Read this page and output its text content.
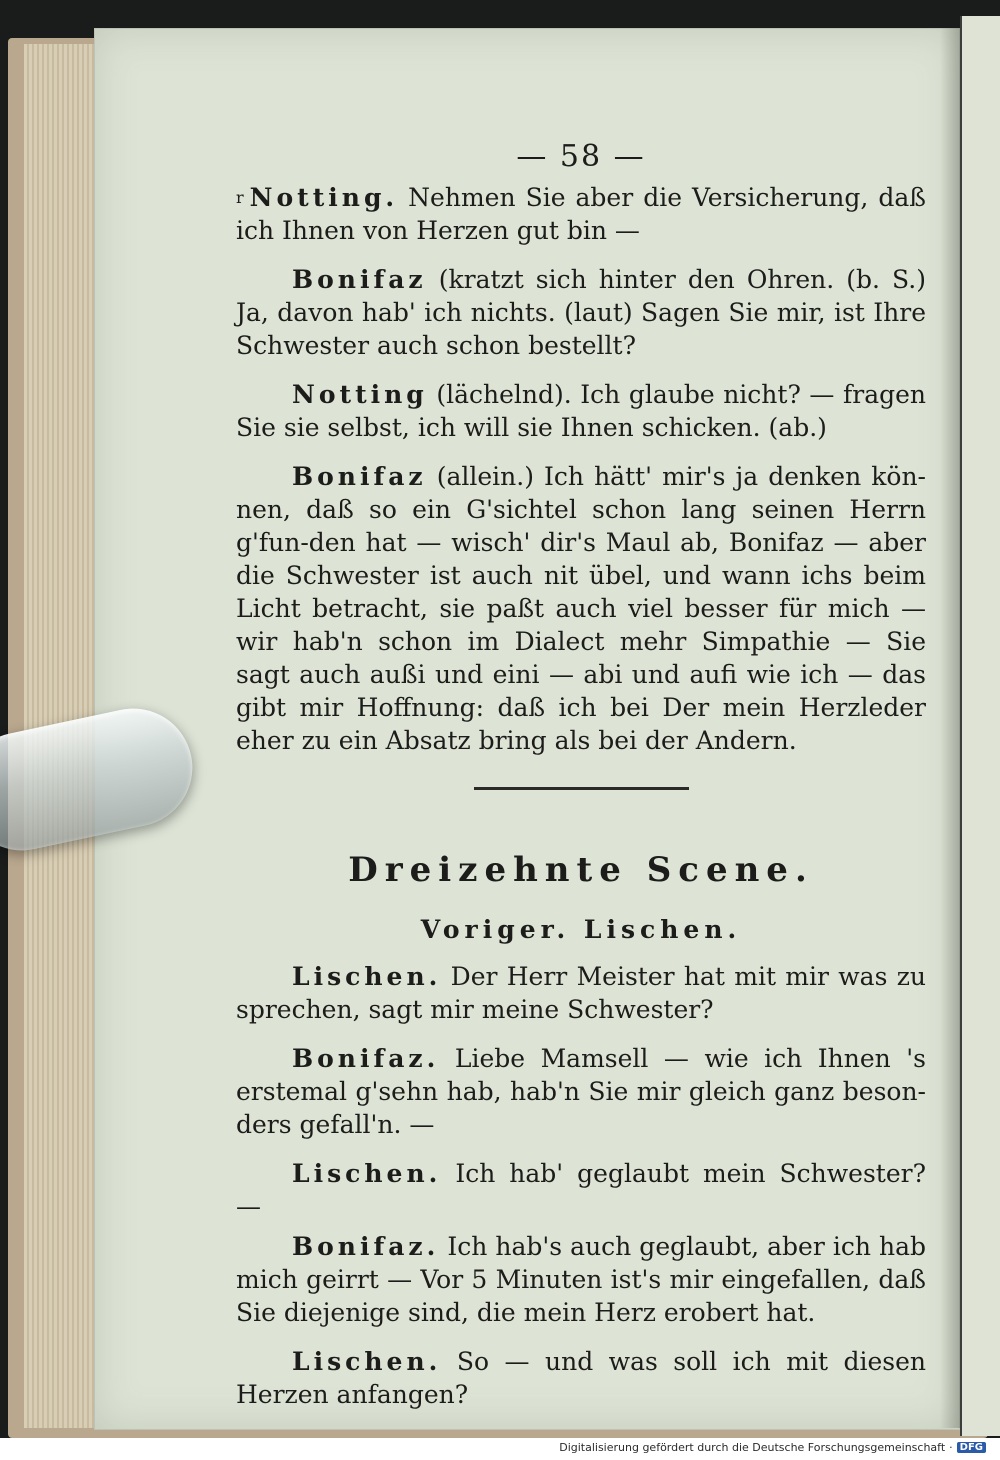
— 58 —

$^r$ Notting. Nehmen Sie aber die Versicherung, daß ich Ihnen von Herzen gut bin —

Bonifaz (kratzt sich hinter den Ohren. (b. S.) Ja, davon hab' ich nichts. (laut) Sagen Sie mir, ist Ihre Schwester auch schon bestellt?

Notting (lächelnd). Ich glaube nicht? — fragen Sie sie selbst, ich will sie Ihnen schicken. (ab.)

Bonifaz (allein.) Ich hätt' mir's ja denken kön-nen, daß so ein G'sichtel schon lang seinen Herrn g'fun-den hat — wisch' dir's Maul ab, Bonifaz — aber die Schwester ist auch nit übel, und wann ichs beim Licht betracht, sie paßt auch viel besser für mich — wir hab'n schon im Dialect mehr Simpathie — Sie sagt auch außi und eini — abi und aufi wie ich — das gibt mir Hoffnung: daß ich bei Der mein Herzleder eher zu ein Absatz bring als bei der Andern.

Dreizehnte Scene.
Voriger. Lischen.

Lischen. Der Herr Meister hat mit mir was zu sprechen, sagt mir meine Schwester?

Bonifaz. Liebe Mamsell — wie ich Ihnen 's erstemal g'sehn hab, hab'n Sie mir gleich ganz beson-ders gefall'n. —

Lischen. Ich hab' geglaubt mein Schwester? —

Bonifaz. Ich hab's auch geglaubt, aber ich hab mich geirrt — Vor 5 Minuten ist's mir eingefallen, daß Sie diejenige sind, die mein Herz erobert hat.

Lischen. So — und was soll ich mit diesen Herzen anfangen?

Digitalisierung gefördert durch die Deutsche Forschungsgemeinschaft · DFG
